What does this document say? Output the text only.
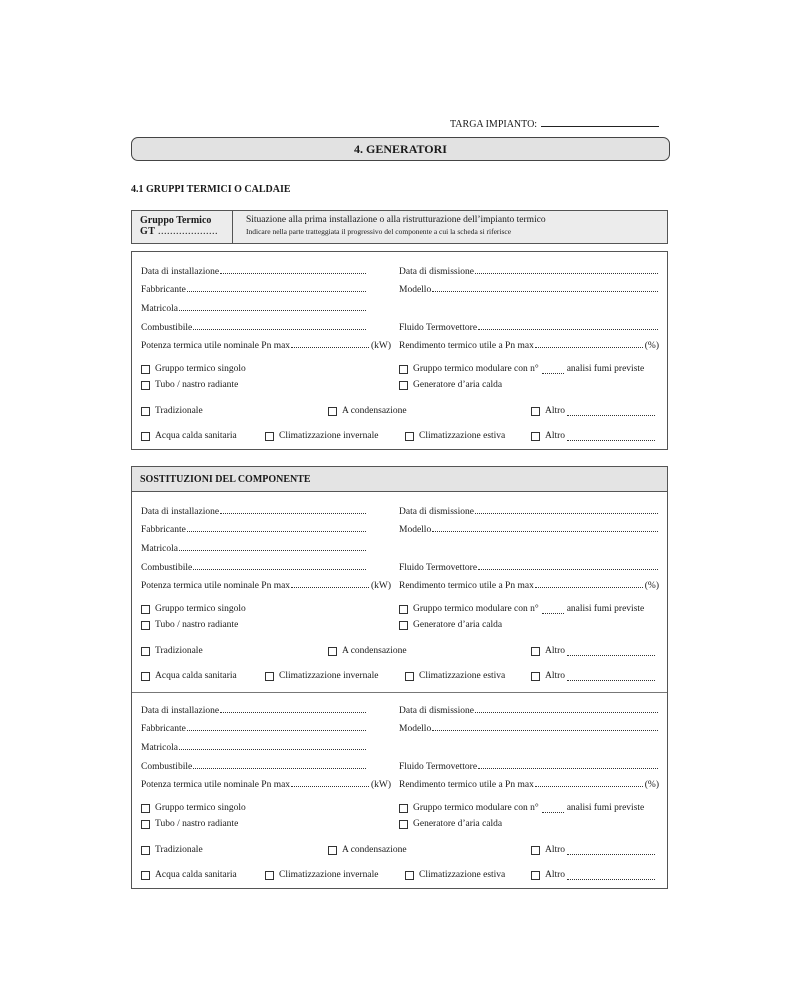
TARGA IMPIANTO:
4. GENERATORI
4.1 GRUPPI TERMICI O CALDAIE
Gruppo Termico
GT ....................
Situazione alla prima installazione o alla ristrutturazione dell’impianto termico
Indicare nella parte tratteggiata il progressivo del componente a cui la scheda si riferisce
Data di installazione	Data di dismissione
Fabbricante	Modello
Matricola
Combustibile	Fluido Termovettore
Potenza termica utile nominale Pn max	(kW) Rendimento termico utile a Pn max	(%)
Gruppo termico singolo	Gruppo termico modulare con n°	analisi fumi previste
Tubo / nastro radiante	Generatore d’aria calda
Tradizionale	A condensazione	Altro
Acqua calda sanitaria	Climatizzazione invernale	Climatizzazione estiva	Altro
SOSTITUZIONI DEL COMPONENTE
Data di installazione	Data di dismissione
Fabbricante	Modello
Matricola
Combustibile	Fluido Termovettore
Potenza termica utile nominale Pn max	(kW) Rendimento termico utile a Pn max	(%)
Gruppo termico singolo	Gruppo termico modulare con n°	analisi fumi previste
Tubo / nastro radiante	Generatore d’aria calda
Tradizionale	A condensazione	Altro
Acqua calda sanitaria	Climatizzazione invernale	Climatizzazione estiva	Altro
Data di installazione	Data di dismissione
Fabbricante	Modello
Matricola
Combustibile	Fluido Termovettore
Potenza termica utile nominale Pn max	(kW) Rendimento termico utile a Pn max	(%)
Gruppo termico singolo	Gruppo termico modulare con n°	analisi fumi previste
Tubo / nastro radiante	Generatore d’aria calda
Tradizionale	A condensazione	Altro
Acqua calda sanitaria	Climatizzazione invernale	Climatizzazione estiva	Altro
